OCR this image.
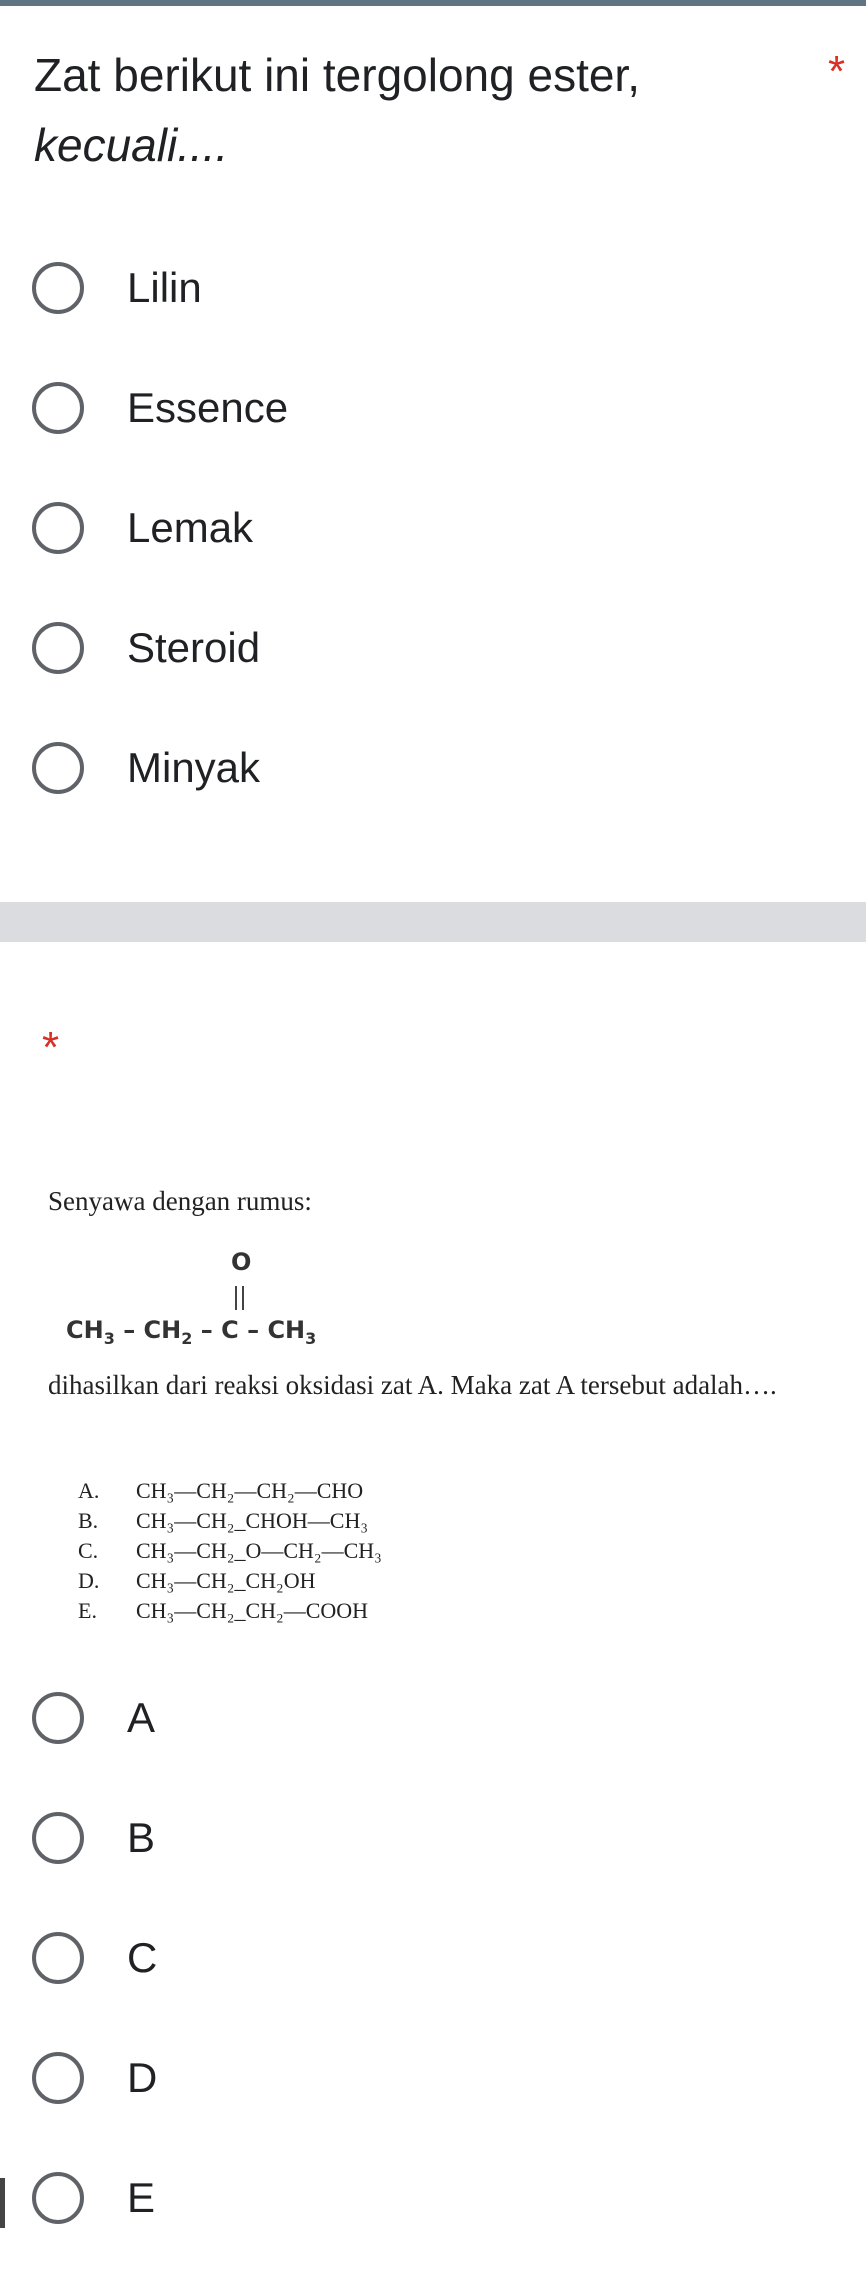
Zat berikut ini tergolong ester,
kecuali....
*
Lilin
Essence
Lemak
Steroid
Minyak
*
Senyawa dengan rumus:
O
$CH_3 - CH_2$ – C – $CH_3$
dihasilkan dari reaksi oksidasi zat A. Maka zat A tersebut adalah….
A.	CH₃—CH₂—CH₂—CHO
B.	CH₃—CH₂_CHOH—CH₃
C.	CH₃—CH₂_O—CH₂—CH₃
D.	CH₃—CH₂_CH₂OH
E.	CH₃—CH₂_CH₂—COOH
A
B
C
D
E
